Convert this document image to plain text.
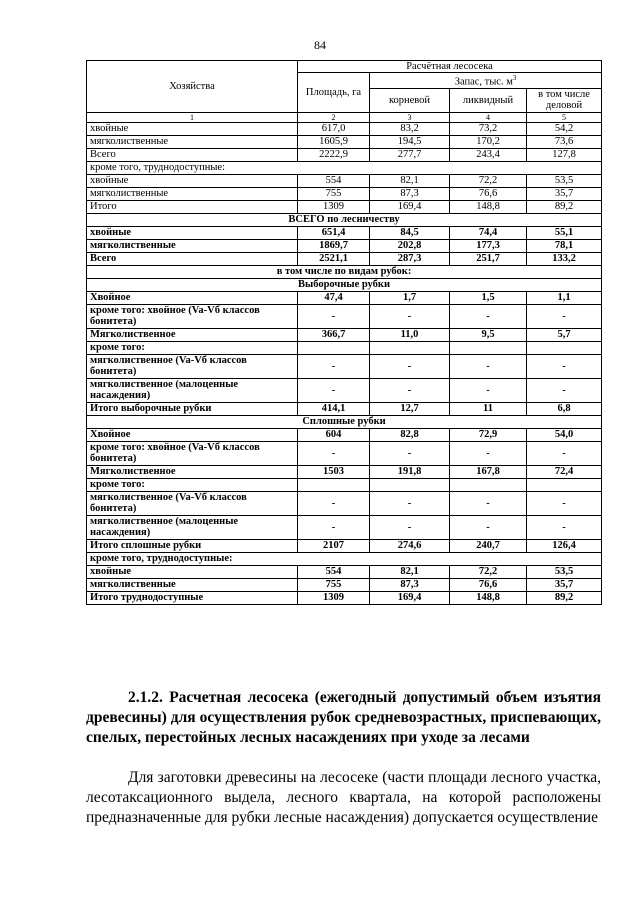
84
Хозяйства	Расчётная лесосека			
	Площадь, га	Запас, тыс. $м^3$
		корневой	ликвидный	в том числе деловой
1	2	3	4	5
хвойные	617,0	83,2	73,2	54,2
мягколиственные	1605,9	194,5	170,2	73,6
Всего	2222,9	277,7	243,4	127,8
кроме того, труднодоступные:				
хвойные	554	82,1	72,2	53,5
мягколиственные	755	87,3	76,6	35,7
Итого	1309	169,4	148,8	89,2
ВСЕГО по лесничеству				
хвойные	651,4	84,5	74,4	55,1
мягколиственные	1869,7	202,8	177,3	78,1
Всего	2521,1	287,3	251,7	133,2
в том числе по видам рубок:				
Выборочные рубки				
Хвойное	47,4	1,7	1,5	1,1
кроме того: хвойное (Va-Vб классов бонитета)	-	-	-	-
Мягколиственное	366,7	11,0	9,5	5,7
кроме того:				
мягколиственное (Va-Vб классов бонитета)	-	-	-	-
мягколиственное (малоценные насаждения)	-	-	-	-
Итого выборочные рубки	414,1	12,7	11	6,8
Сплошные рубки				
Хвойное	604	82,8	72,9	54,0
кроме того: хвойное (Va-Vб классов бонитета)	-	-	-	-
Мягколиственное	1503	191,8	167,8	72,4
кроме того:				
мягколиственное (Va-Vб классов бонитета)	-	-	-	-
мягколиственное (малоценные насаждения)	-	-	-	-
Итого сплошные рубки	2107	274,6	240,7	126,4
кроме того, труднодоступные:				
хвойные	554	82,1	72,2	53,5
мягколиственные	755	87,3	76,6	35,7
Итого труднодоступные	1309	169,4	148,8	89,2
2.1.2. Расчетная лесосека (ежегодный допустимый объем изъятия древесины) для осуществления рубок средневозрастных, приспевающих, спелых, перестойных лесных насаждениях при уходе за лесами
Для заготовки древесины на лесосеке (части площади лесного участка, лесотаксационного выдела, лесного квартала, на которой расположены предназначенные для рубки лесные насаждения) допускается осуществление
